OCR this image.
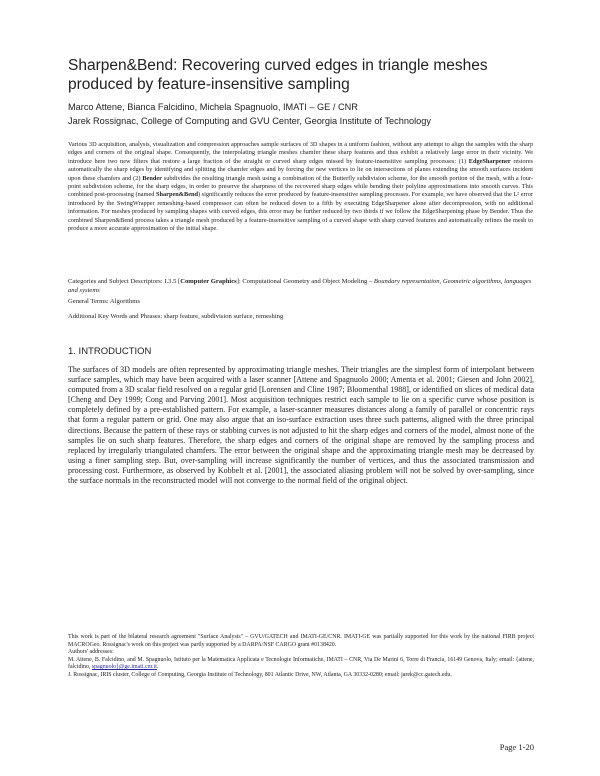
Sharpen&Bend: Recovering curved edges in triangle meshes produced by feature-insensitive sampling
Marco Attene, Bianca Falcidino, Michela Spagnuolo, IMATI – GE / CNR
Jarek Rossignac, College of Computing and GVU Center, Georgia Institute of Technology

Various 3D acquisition, analysis, visualization and compression approaches sample surfaces of 3D shapes in a uniform fashion, without any attempt to align the samples with the sharp edges and corners of the original shape. Consequently, the interpolating triangle meshes chamfer these sharp features and thus exhibit a relatively large error in their vicinity. We introduce here two new filters that restore a large fraction of the straight or curved sharp edges missed by feature-insensitive sampling processes: (1) EdgeSharpener restores automatically the sharp edges by identifying and splitting the chamfer edges and by forcing the new vertices to lie on intersections of planes extending the smooth surfaces incident upon these chamfers and (2) Bender subdivides the resulting triangle mesh using a combination of the Butterfly subdivision scheme, for the smooth portion of the mesh, with a four-point subdivision scheme, for the sharp edges, in order to preserve the sharpness of the recovered sharp edges while bending their polyline approximations into smooth curves. This combined post-processing (named Sharpen&Bend) significantly reduces the error produced by feature-insensitive sampling processes. For example, we have observed that the L² error introduced by the SwingWrapper remeshing-based compressor can often be reduced down to a fifth by executing EdgeSharpener alone after decompression, with no additional information. For meshes produced by sampling shapes with curved edges, this error may be further reduced by two thirds if we follow the EdgeSharpening phase by Bender. Thus the combined Sharpen&Bend process takes a triangle mesh produced by a feature-insensitive sampling of a curved shape with sharp curved features and automatically refines the mesh to produce a more accurate approximation of the initial shape.

Categories and Subject Descriptors: I.3.5 [Computer Graphics]: Computational Geometry and Object Modeling – Boundary representation, Geometric algorithms, languages and systems

General Terms: Algorithms

Additional Key Words and Phrases: sharp feature, subdivision surface, remeshing

1. INTRODUCTION

The surfaces of 3D models are often represented by approximating triangle meshes. Their triangles are the simplest form of interpolant between surface samples, which may have been acquired with a laser scanner [Attene and Spagnuolo 2000; Amenta et al. 2001; Giesen and John 2002], computed from a 3D scalar field resolved on a regular grid [Lorensen and Cline 1987; Bloomenthal 1988], or identified on slices of medical data [Cheng and Dey 1999; Cong and Parving 2001]. Most acquisition techniques restrict each sample to lie on a specific curve whose position is completely defined by a pre-established pattern. For example, a laser-scanner measures distances along a family of parallel or concentric rays that form a regular pattern or grid. One may also argue that an iso-surface extraction uses three such patterns, aligned with the three principal directions. Because the pattern of these rays or stabbing curves is not adjusted to hit the sharp edges and corners of the model, almost none of the samples lie on such sharp features. Therefore, the sharp edges and corners of the original shape are removed by the sampling process and replaced by irregularly triangulated chamfers. The error between the original shape and the approximating triangle mesh may be decreased by using a finer sampling step. But, over-sampling will increase significantly the number of vertices, and thus the associated transmission and processing cost. Furthermore, as observed by Kobbelt et al. [2001], the associated aliasing problem will not be solved by over-sampling, since the surface normals in the reconstructed model will not converge to the normal field of the original object.

This work is part of the bilateral research agreement "Surface Analysis" – GVU/GATECH and IMATI-GE/CNR. IMATI-GE was partially supported for this work by the national FIRB project MACROGeo. Rossignac's work on this project was partly supported by a DARPA/NSF CARGO grant #0138420.

Authors' addresses:

M. Attene, B. Falcidino, and M. Spagnuolo, Istituto per la Matematica Applicata e Tecnologie Informatiche, IMATI – CNR, Via De Marini 6, Torre di Francia, 16149 Genova, Italy; email: {attene, falcidino, spagnuolo}@ge.imati.cnr.it.

J. Rossignac, IRIS cluster, College of Computing, Georgia Institute of Technology, 801 Atlantic Drive, NW, Atlanta, GA 30332-0280; email: jarek@cc.gatech.edu.

Page 1-20
